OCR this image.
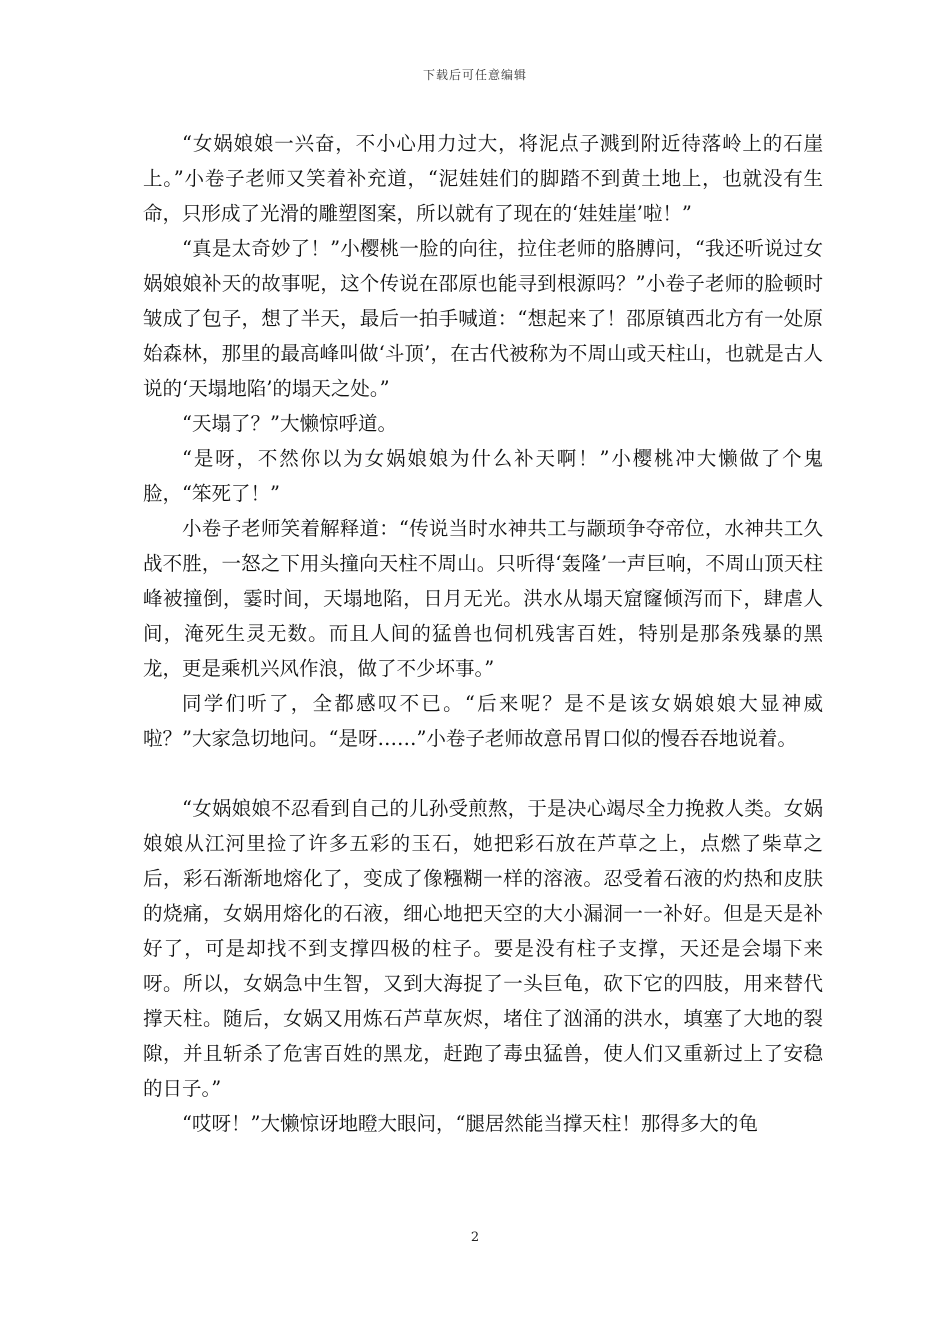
下载后可任意编辑

“女娲娘娘一兴奋，不小心用力过大，将泥点子溅到附近待落岭上的石崖上。”小卷子老师又笑着补充道，“泥娃娃们的脚踏不到黄土地上，也就没有生命，只形成了光滑的雕塑图案，所以就有了现在的‘娃娃崖’啦！”

“真是太奇妙了！”小樱桃一脸的向往，拉住老师的胳膊问，“我还听说过女娲娘娘补天的故事呢，这个传说在邵原也能寻到根源吗？”小卷子老师的脸顿时皱成了包子，想了半天，最后一拍手喊道：“想起来了！邵原镇西北方有一处原始森林，那里的最高峰叫做‘斗顶’，在古代被称为不周山或天柱山，也就是古人说的‘天塌地陷’的塌天之处。”

“天塌了？”大懒惊呼道。

“是呀，不然你以为女娲娘娘为什么补天啊！”小樱桃冲大懒做了个鬼脸，“笨死了！”

小卷子老师笑着解释道：“传说当时水神共工与颛顼争夺帝位，水神共工久战不胜，一怒之下用头撞向天柱不周山。只听得‘轰隆’一声巨响，不周山顶天柱峰被撞倒，霎时间，天塌地陷，日月无光。洪水从塌天窟窿倾泻而下，肆虐人间，淹死生灵无数。而且人间的猛兽也伺机残害百姓，特别是那条残暴的黑龙，更是乘机兴风作浪，做了不少坏事。”

同学们听了，全都感叹不已。“后来呢？是不是该女娲娘娘大显神威啦？”大家急切地问。“是呀……”小卷子老师故意吊胃口似的慢吞吞地说着。

“女娲娘娘不忍看到自己的儿孙受煎熬，于是决心竭尽全力挽救人类。女娲娘娘从江河里捡了许多五彩的玉石，她把彩石放在芦草之上，点燃了柴草之后，彩石渐渐地熔化了，变成了像糨糊一样的溶液。忍受着石液的灼热和皮肤的烧痛，女娲用熔化的石液，细心地把天空的大小漏洞一一补好。但是天是补好了，可是却找不到支撑四极的柱子。要是没有柱子支撑，天还是会塌下来呀。所以，女娲急中生智，又到大海捉了一头巨龟，砍下它的四肢，用来替代撑天柱。随后，女娲又用炼石芦草灰烬，堵住了汹涌的洪水，填塞了大地的裂隙，并且斩杀了危害百姓的黑龙，赶跑了毒虫猛兽，使人们又重新过上了安稳的日子。”

“哎呀！”大懒惊讶地瞪大眼问，“腿居然能当撑天柱！那得多大的龟

2
